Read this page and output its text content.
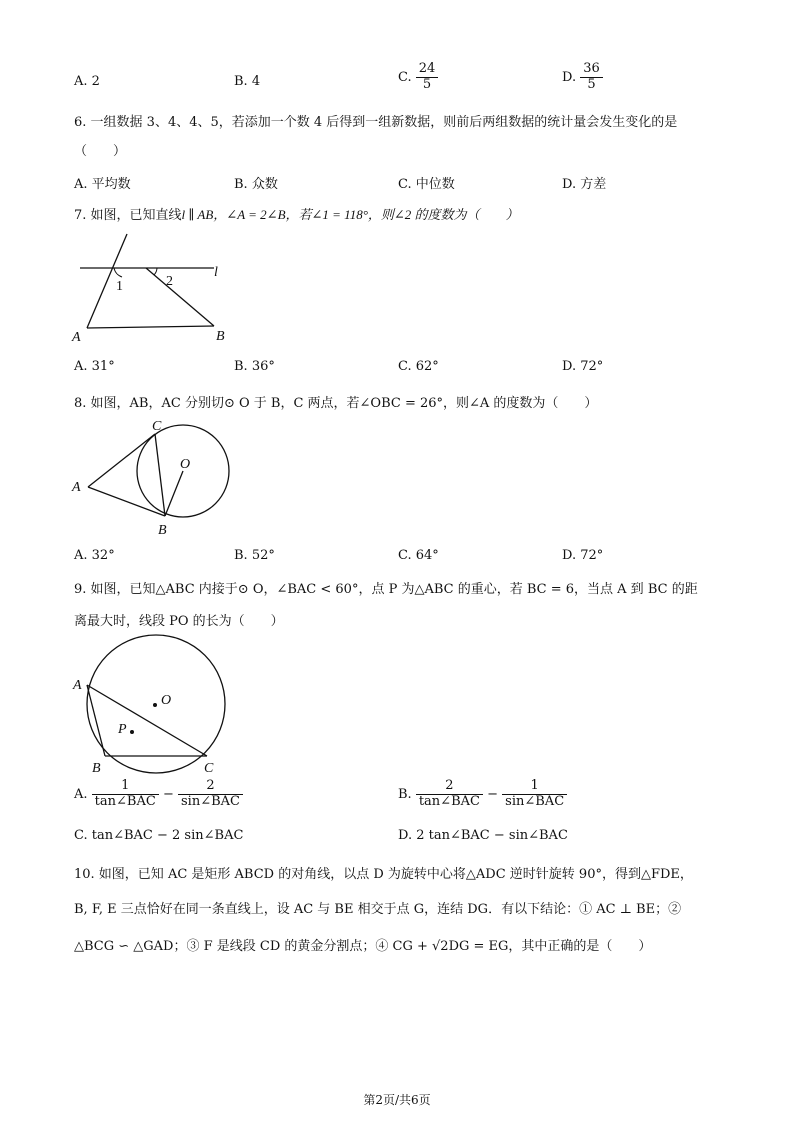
A. 2	B. 4	C. $\frac{24}{5}$	D. $\frac{36}{5}$
6. 一组数据 3、4、4、5，若添加一个数 4 后得到一组新数据，则前后两组数据的统计量会发生变化的是
（　　）
A. 平均数	B. 众数	C. 中位数	D. 方差
7. 如图，已知直线l ∥ AB，∠A = 2∠B，若∠1 = 118°，则∠2 的度数为（　　）
1	2
l
A	B
A. 31°	B. 36°	C. 62°	D. 72°
8. 如图，AB，AC 分别切⊙ O 于 B，C 两点，若∠OBC = 26°，则∠A 的度数为（　　）
A
B
C
O
A. 32°	B. 52°	C. 64°	D. 72°
9. 如图，已知△ABC 内接于⊙ O，∠BAC < 60°，点 P 为△ABC 的重心，若 BC = 6，当点 A 到 BC 的距
离最大时，线段 PO 的长为（　　）
A
B	C
O
P
A. $\frac{1}{\text{tan∠BAC}} - \frac{2}{\text{sin∠BAC}}$	B. $\frac{2}{\text{tan∠BAC}} - \frac{1}{\text{sin∠BAC}}$
C. tan∠BAC − 2 sin∠BAC	D. 2 tan∠BAC − sin∠BAC
10. 如图，已知 AC 是矩形 ABCD 的对角线，以点 D 为旋转中心将△ADC 逆时针旋转 90°，得到△FDE，
B, F, E 三点恰好在同一条直线上，设 AC 与 BE 相交于点 G，连结 DG．有以下结论：① AC ⊥ BE；②
△BCG ∽ △GAD；③ F 是线段 CD 的黄金分割点；④ CG + √2DG = EG，其中正确的是（　　）
第2页/共6页
